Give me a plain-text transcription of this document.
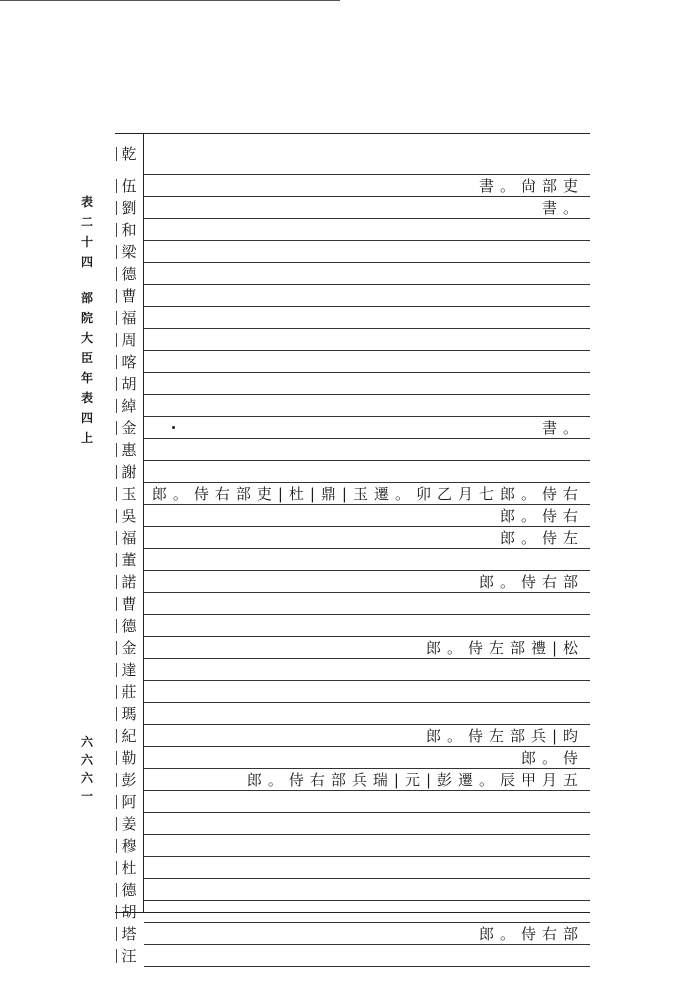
表
二
十
四
部
院
大
臣
年
表
四
上
六
六
六
一
乾
伍	書。尙部吏
劉	書。
和
梁
德
曹
福
周
喀
胡
綽
金	書。
惠
謝
玉	郎。侍右部吏|杜|鼎|玉遷。卯乙月七郎。侍右
吳	郎。侍右
福	郎。侍左
董
諾	郎。侍右部
曹
德
金	郎。侍左部禮|松
達
莊
瑪
紀	郎。侍左部兵|昀
勒	郎。侍
彭	郎。侍右部兵瑞|元|彭遷。辰甲月五
阿
姜
穆
杜
德
胡
塔	郎。侍右部
汪
